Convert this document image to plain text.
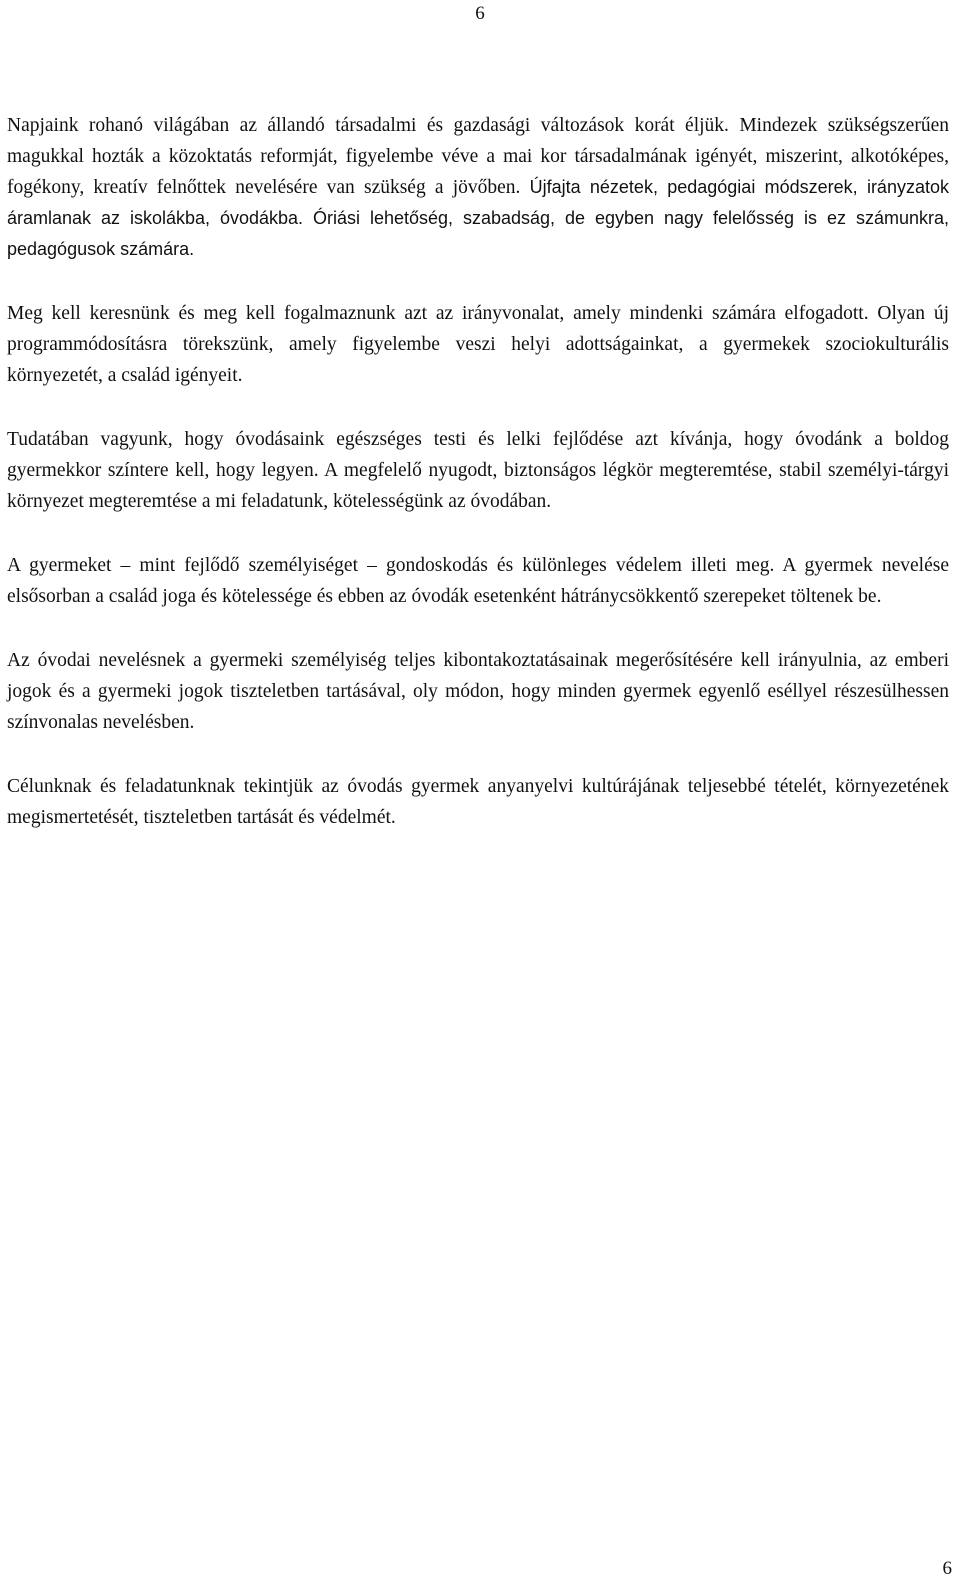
6

Napjaink rohanó világában az állandó társadalmi és gazdasági változások korát éljük. Mindezek szükségszerűen magukkal hozták a közoktatás reformját, figyelembe véve a mai kor társadalmának igényét, miszerint, alkotóképes, fogékony, kreatív felnőttek nevelésére van szükség a jövőben. Újfajta nézetek, pedagógiai módszerek, irányzatok áramlanak az iskolákba, óvodákba. Óriási lehetőség, szabadság, de egyben nagy felelősség is ez számunkra, pedagógusok számára.

Meg kell keresnünk és meg kell fogalmaznunk azt az irányvonalat, amely mindenki számára elfogadott. Olyan új programmódosításra törekszünk, amely figyelembe veszi helyi adottságainkat, a gyermekek szociokulturális környezetét, a család igényeit.

Tudatában vagyunk, hogy óvodásaink egészséges testi és lelki fejlődése azt kívánja, hogy óvodánk a boldog gyermekkor színtere kell, hogy legyen. A megfelelő nyugodt, biztonságos légkör megteremtése, stabil személyi-tárgyi környezet megteremtése a mi feladatunk, kötelességünk az óvodában.

A gyermeket – mint fejlődő személyiséget – gondoskodás és különleges védelem illeti meg. A gyermek nevelése elsősorban a család joga és kötelessége és ebben az óvodák esetenként hátránycsökkentő szerepeket töltenek be.

Az óvodai nevelésnek a gyermeki személyiség teljes kibontakoztatásainak megerősítésére kell irányulnia, az emberi jogok és a gyermeki jogok tiszteletben tartásával, oly módon, hogy minden gyermek egyenlő eséllyel részesülhessen színvonalas nevelésben.

Célunknak és feladatunknak tekintjük az óvodás gyermek anyanyelvi kultúrájának teljesebbé tételét, környezetének megismertetését, tiszteletben tartását és védelmét.

6
